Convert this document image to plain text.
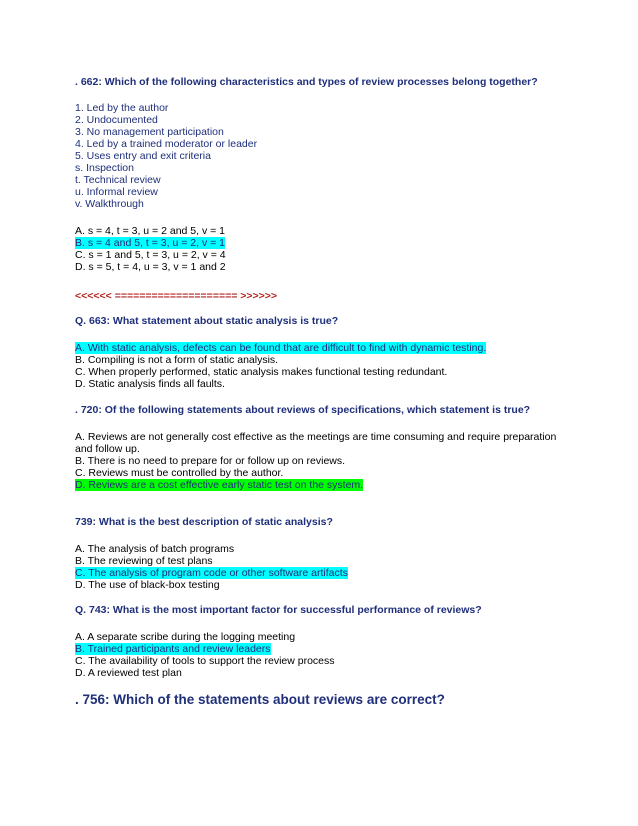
. 662: Which of the following characteristics and types of review processes belong together?
1. Led by the author
2. Undocumented
3. No management participation
4. Led by a trained moderator or leader
5. Uses entry and exit criteria
s. Inspection
t. Technical review
u. Informal review
v. Walkthrough
A. s = 4, t = 3, u = 2 and 5, v = 1
B. s = 4 and 5, t = 3, u = 2, v = 1
C. s = 1 and 5, t = 3, u = 2, v = 4
D. s = 5, t = 4, u = 3, v = 1 and 2
<<<<<< ==================== >>>>>>
Q. 663: What statement about static analysis is true?
A. With static analysis, defects can be found that are difficult to find with dynamic testing.
B. Compiling is not a form of static analysis.
C. When properly performed, static analysis makes functional testing redundant.
D. Static analysis finds all faults.
. 720: Of the following statements about reviews of specifications, which statement is true?
A. Reviews are not generally cost effective as the meetings are time consuming and require preparation and follow up.
B. There is no need to prepare for or follow up on reviews.
C. Reviews must be controlled by the author.
D. Reviews are a cost effective early static test on the system.
739: What is the best description of static analysis?
A. The analysis of batch programs
B. The reviewing of test plans
C. The analysis of program code or other software artifacts
D. The use of black-box testing
Q. 743: What is the most important factor for successful performance of reviews?
A. A separate scribe during the logging meeting
B. Trained participants and review leaders
C. The availability of tools to support the review process
D. A reviewed test plan
. 756: Which of the statements about reviews are correct?
